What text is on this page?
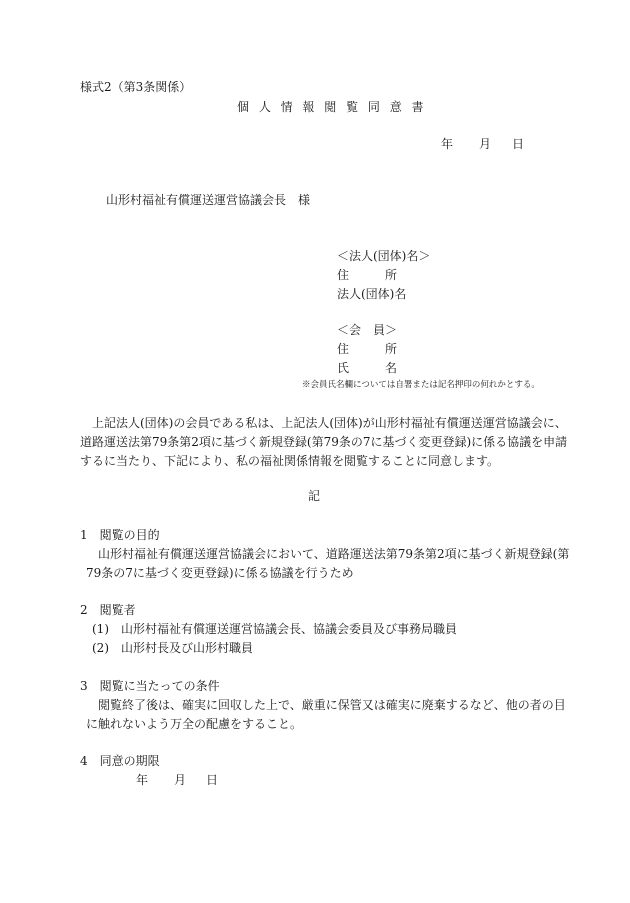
様式2（第3条関係）
個 人 情 報 閲 覧 同 意 書
年 月 日
山形村福祉有償運送運営協議会長　様
＜法人(団体)名＞
住　　　所
法人(団体)名
＜会　員＞
住　　　所
氏　　　名
※会員氏名欄については自署または記名押印の何れかとする。
上記法人(団体)の会員である私は、上記法人(団体)が山形村福祉有償運送運営協議会に、
道路運送法第79条第2項に基づく新規登録(第79条の7に基づく変更登録)に係る協議を申請
するに当たり、下記により、私の福祉関係情報を閲覧することに同意します。
記
1　閲覧の目的
山形村福祉有償運送運営協議会において、道路運送法第79条第2項に基づく新規登録(第
79条の7に基づく変更登録)に係る協議を行うため
2　閲覧者
(1)　山形村福祉有償運送運営協議会長、協議会委員及び事務局職員
(2)　山形村長及び山形村職員
3　閲覧に当たっての条件
閲覧終了後は、確実に回収した上で、厳重に保管又は確実に廃棄するなど、他の者の目
に触れないよう万全の配慮をすること。
4　同意の期限
年 月 日
